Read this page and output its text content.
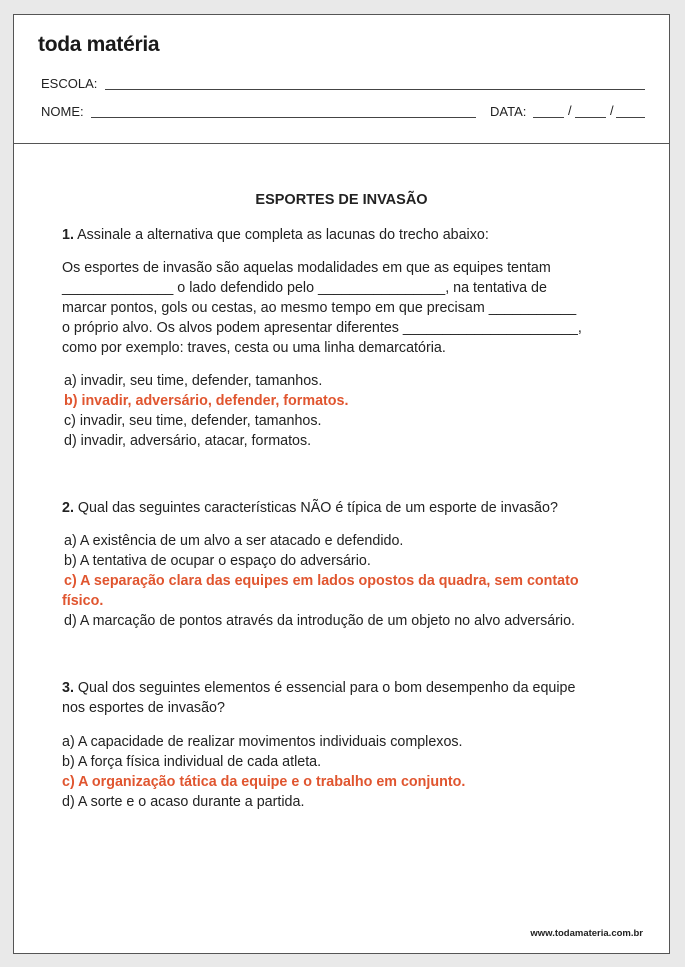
toda matéria
ESCOLA:
NOME:	DATA:	/	/
ESPORTES DE INVASÃO
1. Assinale a alternativa que completa as lacunas do trecho abaixo:
Os esportes de invasão são aquelas modalidades em que as equipes tentam
______________ o lado defendido pelo ________________, na tentativa de
marcar pontos, gols ou cestas, ao mesmo tempo em que precisam ___________
o próprio alvo. Os alvos podem apresentar diferentes ______________________,
como por exemplo: traves, cesta ou uma linha demarcatória.
a) invadir, seu time, defender, tamanhos.
b) invadir, adversário, defender, formatos.
c) invadir, seu time, defender, tamanhos.
d) invadir, adversário, atacar, formatos.
2. Qual das seguintes características NÃO é típica de um esporte de invasão?
a) A existência de um alvo a ser atacado e defendido.
b) A tentativa de ocupar o espaço do adversário.
c) A separação clara das equipes em lados opostos da quadra, sem contato
físico.
d) A marcação de pontos através da introdução de um objeto no alvo adversário.
3. Qual dos seguintes elementos é essencial para o bom desempenho da equipe
nos esportes de invasão?
a) A capacidade de realizar movimentos individuais complexos.
b) A força física individual de cada atleta.
c) A organização tática da equipe e o trabalho em conjunto.
d) A sorte e o acaso durante a partida.
www.todamateria.com.br
